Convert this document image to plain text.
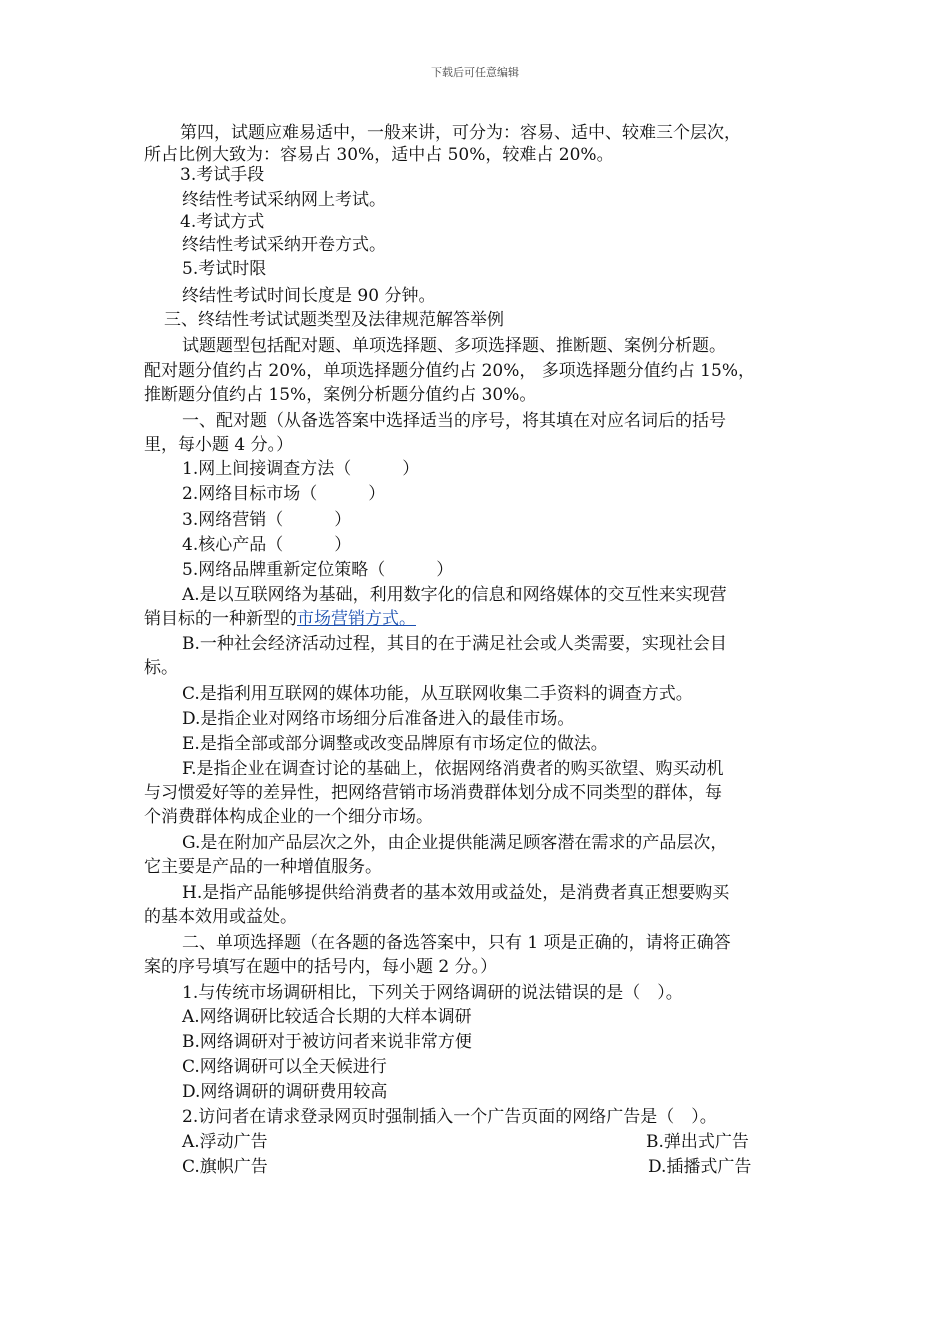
下载后可任意编辑
第四，试题应难易适中，一般来讲，可分为：容易、适中、较难三个层次，
所占比例大致为：容易占 30%，适中占 50%，较难占 20%。
3.考试手段
终结性考试采纳网上考试。
4.考试方式
终结性考试采纳开卷方式。
5.考试时限
终结性考试时间长度是 90 分钟。
三、终结性考试试题类型及法律规范解答举例
试题题型包括配对题、单项选择题、多项选择题、推断题、案例分析题。
配对题分值约占 20%，单项选择题分值约占 20%， 多项选择题分值约占 15%，
推断题分值约占 15%，案例分析题分值约占 30%。
一、配对题（从备选答案中选择适当的序号，将其填在对应名词后的括号
里，每小题 4 分。）
1.网上间接调查方法（　　　）
2.网络目标市场（　　　）
3.网络营销（　　　）
4.核心产品（　　　）
5.网络品牌重新定位策略（　　　）
A.是以互联网络为基础，利用数字化的信息和网络媒体的交互性来实现营
销目标的一种新型的市场营销方式。
B.一种社会经济活动过程，其目的在于满足社会或人类需要，实现社会目
标。
C.是指利用互联网的媒体功能，从互联网收集二手资料的调查方式。
D.是指企业对网络市场细分后准备进入的最佳市场。
E.是指全部或部分调整或改变品牌原有市场定位的做法。
F.是指企业在调查讨论的基础上，依据网络消费者的购买欲望、购买动机
与习惯爱好等的差异性，把网络营销市场消费群体划分成不同类型的群体，每
个消费群体构成企业的一个细分市场。
G.是在附加产品层次之外，由企业提供能满足顾客潜在需求的产品层次，
它主要是产品的一种增值服务。
H.是指产品能够提供给消费者的基本效用或益处，是消费者真正想要购买
的基本效用或益处。
二、单项选择题（在各题的备选答案中，只有 1 项是正确的，请将正确答
案的序号填写在题中的括号内，每小题 2 分。）
1.与传统市场调研相比，下列关于网络调研的说法错误的是（　）。
A.网络调研比较适合长期的大样本调研
B.网络调研对于被访问者来说非常方便
C.网络调研可以全天候进行
D.网络调研的调研费用较高
2.访问者在请求登录网页时强制插入一个广告页面的网络广告是（　）。
A.浮动广告	B.弹出式广告
C.旗帜广告	D.插播式广告
